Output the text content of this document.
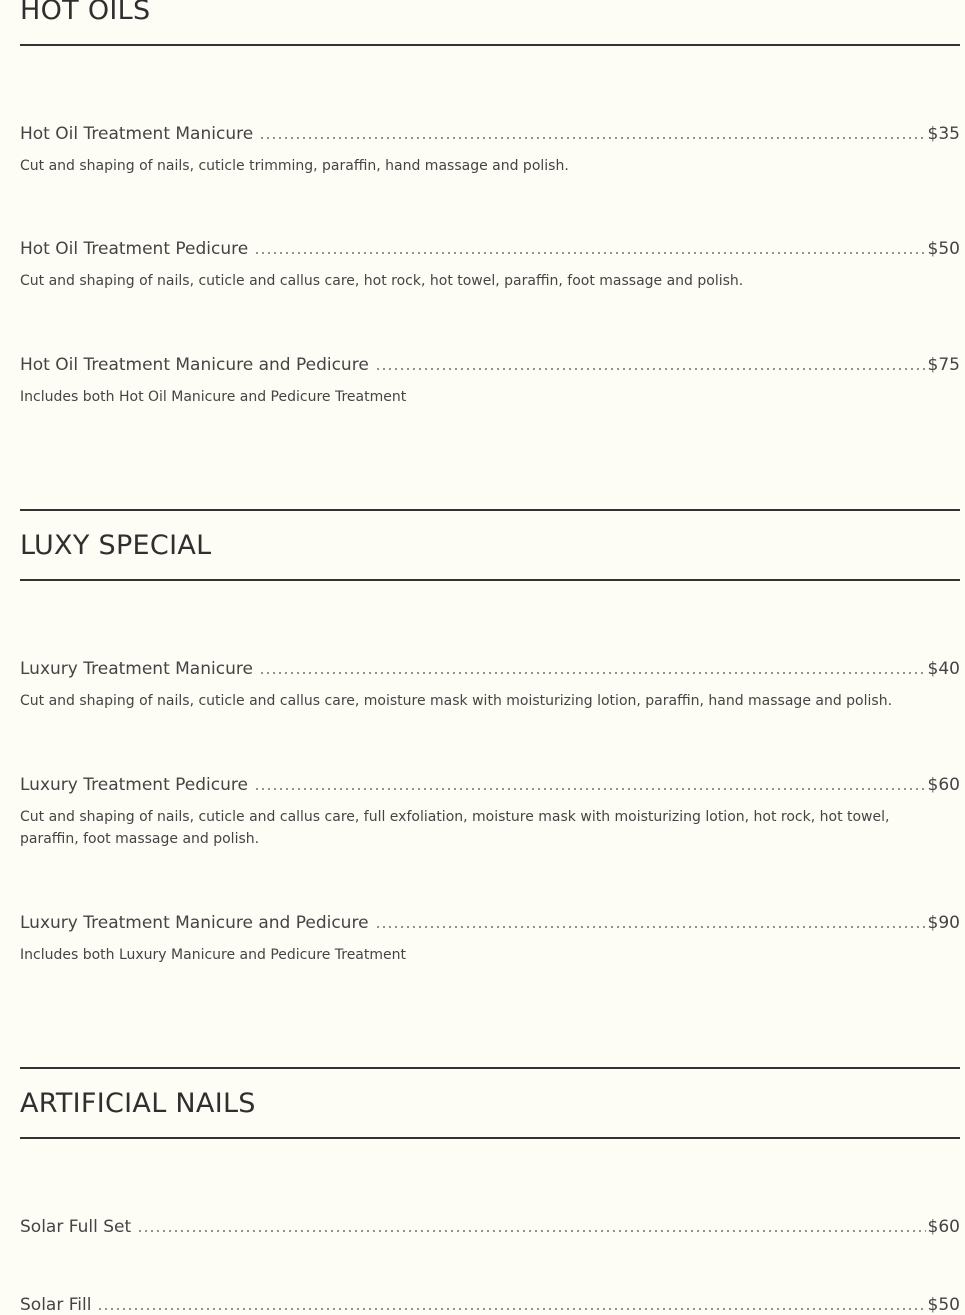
HOT OILS
Hot Oil Treatment Manicure	$35
Cut and shaping of nails, cuticle trimming, paraffin, hand massage and polish.
Hot Oil Treatment Pedicure	$50
Cut and shaping of nails, cuticle and callus care, hot rock, hot towel, paraffin, foot massage and polish.
Hot Oil Treatment Manicure and Pedicure	$75
Includes both Hot Oil Manicure and Pedicure Treatment
LUXY SPECIAL
Luxury Treatment Manicure	$40
Cut and shaping of nails, cuticle and callus care, moisture mask with moisturizing lotion, paraffin, hand massage and polish.
Luxury Treatment Pedicure	$60
Cut and shaping of nails, cuticle and callus care, full exfoliation, moisture mask with moisturizing lotion, hot rock, hot towel, paraffin, foot massage and polish.
Luxury Treatment Manicure and Pedicure	$90
Includes both Luxury Manicure and Pedicure Treatment
ARTIFICIAL NAILS
Solar Full Set	$60
Solar Fill	$50
